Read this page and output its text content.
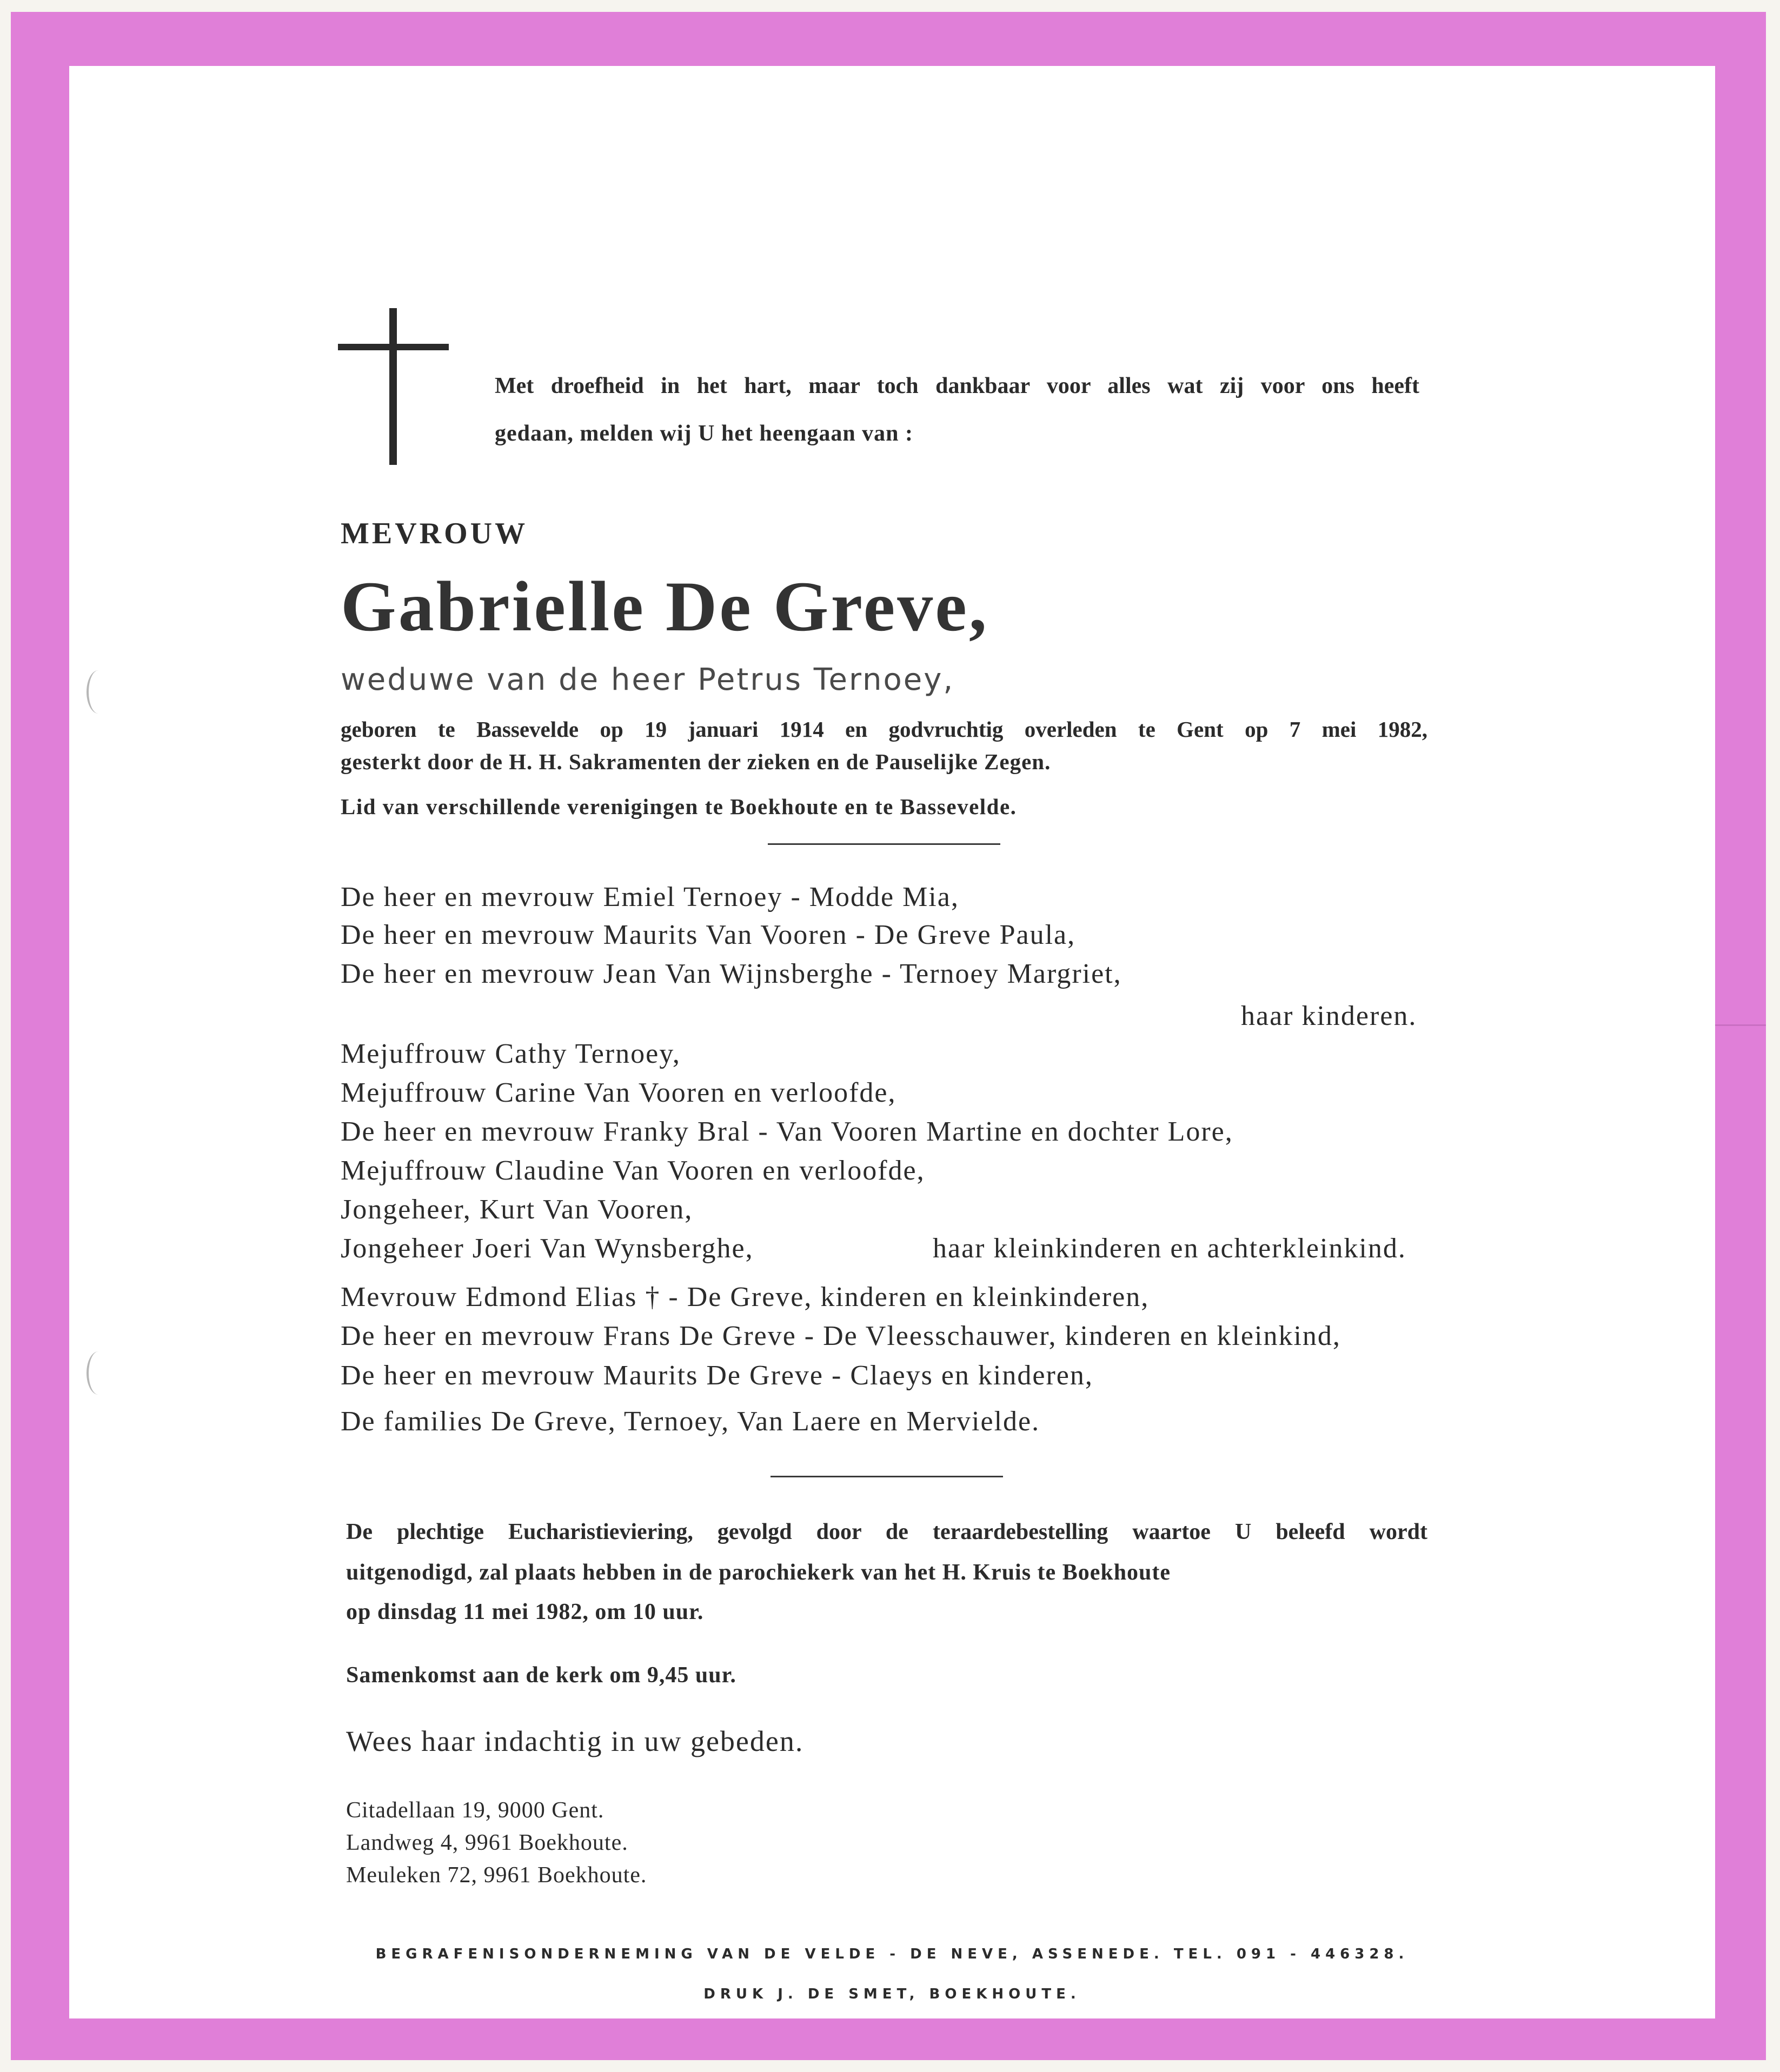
Met droefheid in het hart, maar toch dankbaar voor alles wat zij voor ons heeft

gedaan, melden wij U het heengaan van :

MEVROUW

Gabrielle De Greve,

weduwe van de heer Petrus Ternoey,

geboren te Bassevelde op 19 januari 1914 en godvruchtig overleden te Gent op 7 mei 1982,

gesterkt door de H. H. Sakramenten der zieken en de Pauselijke Zegen.

Lid van verschillende verenigingen te Boekhoute en te Bassevelde.

De heer en mevrouw Emiel Ternoey - Modde Mia,

De heer en mevrouw Maurits Van Vooren - De Greve Paula,

De heer en mevrouw Jean Van Wijnsberghe - Ternoey Margriet,

haar kinderen.

Mejuffrouw Cathy Ternoey,

Mejuffrouw Carine Van Vooren en verloofde,

De heer en mevrouw Franky Bral - Van Vooren Martine en dochter Lore,

Mejuffrouw Claudine Van Vooren en verloofde,

Jongeheer, Kurt Van Vooren,

Jongeheer Joeri Van Wynsberghe,	haar kleinkinderen en achterkleinkind.

Mevrouw Edmond Elias † - De Greve, kinderen en kleinkinderen,

De heer en mevrouw Frans De Greve - De Vleesschauwer, kinderen en kleinkind,

De heer en mevrouw Maurits De Greve - Claeys en kinderen,

De families De Greve, Ternoey, Van Laere en Mervielde.

De plechtige Eucharistieviering, gevolgd door de teraardebestelling waartoe U beleefd wordt

uitgenodigd, zal plaats hebben in de parochiekerk van het H. Kruis te Boekhoute

op dinsdag 11 mei 1982, om 10 uur.

Samenkomst aan de kerk om 9,45 uur.

Wees haar indachtig in uw gebeden.

Citadellaan 19, 9000 Gent.

Landweg 4, 9961 Boekhoute.

Meuleken 72, 9961 Boekhoute.

BEGRAFENISONDERNEMING VAN DE VELDE - DE NEVE, ASSENEDE. TEL. 091 - 446328.

DRUK J. DE SMET, BOEKHOUTE.
